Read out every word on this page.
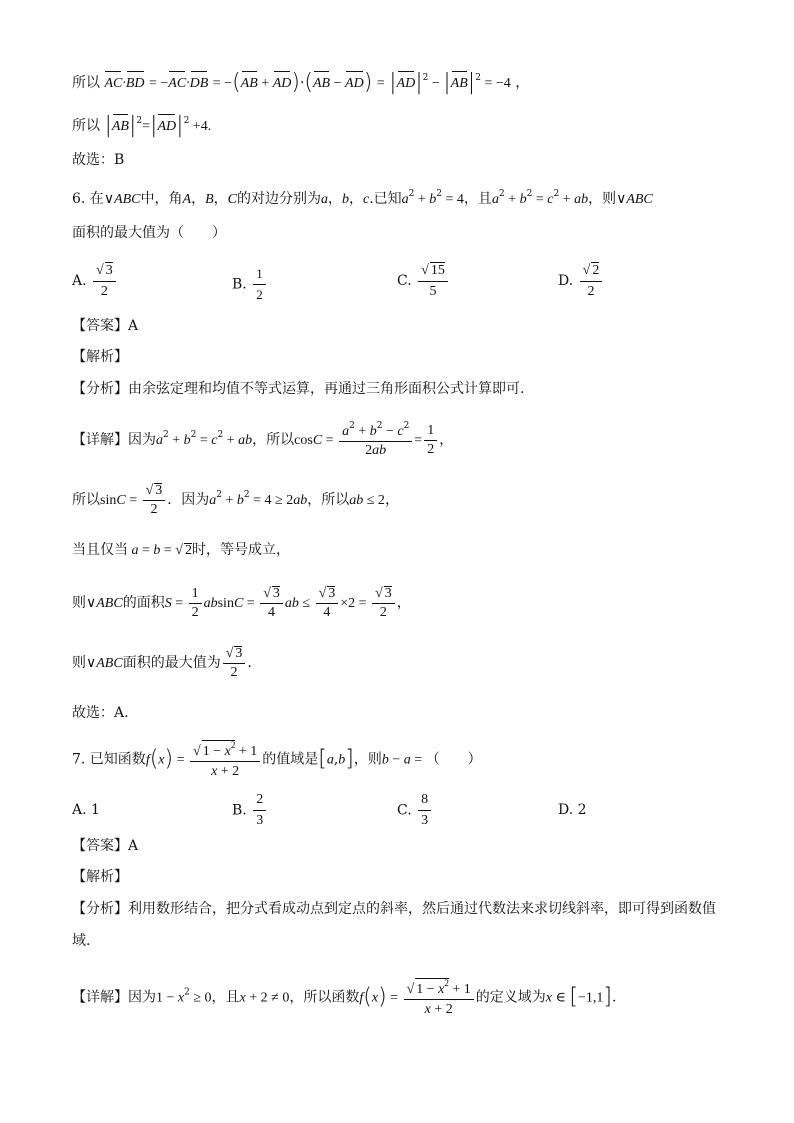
所以 $AC\cdot BD = -AC\cdot DB = -(AB + AD)\cdot(AB - AD) = |AD|^2 - |AB|^2 = -4$ ，
所以 $|AB|^2=|AD|^2 +4$.
故选：B
6. 在∨ABC中，角A，B，C的对边分别为a，b，c.已知$a^2 + b^2 = 4$，且$a^2 + b^2 = c^2$ + ab，则∨ABC
面积的最大值为（　　）
A. $\frac{√ 3}{2}$	B. $\frac{1}{2}$	C. $\frac{√ 15}{5}$	D. $\frac{√ 2}{2}$
【答案】A
【解析】
【分析】由余弦定理和均值不等式运算，再通过三角形面积公式计算即可.
【详解】因为$a^2 + b^2 = c^2$ + ab，所以$\cos C = \frac{a^2 + b^2 - c^2}{2ab} = \frac{1}{2}$ ，
所以$\sin C = \frac{√ 3}{2}$ ．因为$a^2 + b^2 = 4 \ge 2ab$，所以ab ≤ 2，
当且仅当 a = b = √ 2时，等号成立，
则∨ABC的面积$S = \frac{1}{2}$ $absinC = \frac{√ 3}{4}$ ab ≤ $\frac{√ 3}{4} \times 2 = \frac{√ 3}{2}$ ，
则∨ABC面积的最大值为 $\frac{√ 3}{2}$ .
故选：A.
7. 已知函数$f(x) = \frac{√ 1 - x^2 + 1}{x + 2}$ 的值域是[a,b]，则b − a = （　　）
A. 1	B. $\frac{2}{3}$	C. $\frac{8}{3}$	D. 2
【答案】A
【解析】
【分析】利用数形结合，把分式看成动点到定点的斜率，然后通过代数法来求切线斜率，即可得到函数值
域.
【详解】因为$1 - x^2 \ge 0$，且x + 2 ≠ 0，所以函数$f(x) = \frac{√ 1 - x^2 + 1}{x + 2}$ 的定义域为x ∈ [−1,1].
